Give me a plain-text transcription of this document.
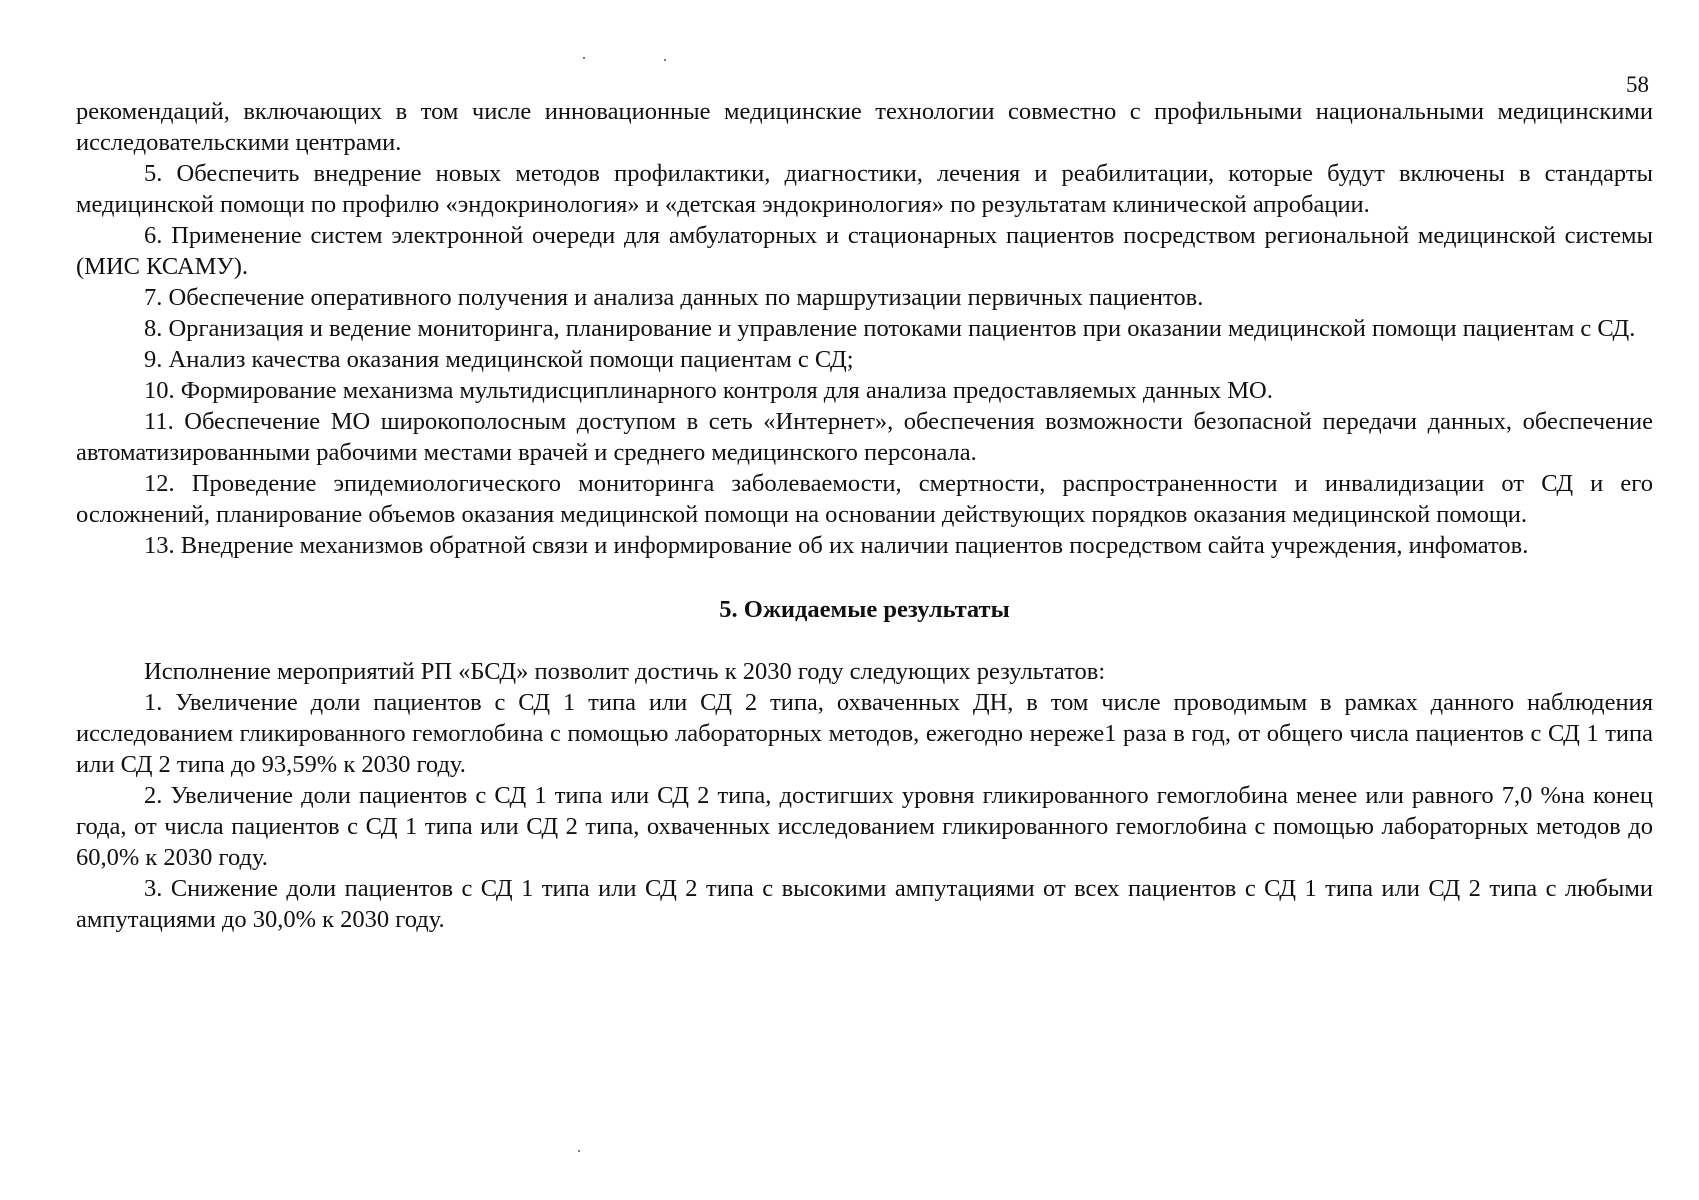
58

рекомендаций, включающих в том числе инновационные медицинские технологии совместно с профильными национальными медицинскими исследовательскими центрами.

5. Обеспечить внедрение новых методов профилактики, диагностики, лечения и реабилитации, которые будут включены в стандарты медицинской помощи по профилю «эндокринология» и «детская эндокринология» по результатам клинической апробации.

6. Применение систем электронной очереди для амбулаторных и стационарных пациентов посредством региональной медицинской системы (МИС КСАМУ).

7. Обеспечение оперативного получения и анализа данных по маршрутизации первичных пациентов.

8. Организация и ведение мониторинга, планирование и управление потоками пациентов при оказании медицинской помощи пациентам с СД.

9. Анализ качества оказания медицинской помощи пациентам с СД;

10. Формирование механизма мультидисциплинарного контроля для анализа предоставляемых данных МО.

11. Обеспечение МО широкополосным доступом в сеть «Интернет», обеспечения возможности безопасной передачи данных, обеспечение автоматизированными рабочими местами врачей и среднего медицинского персонала.

12. Проведение эпидемиологического мониторинга заболеваемости, смертности, распространенности и инвалидизации от СД и его осложнений, планирование объемов оказания медицинской помощи на основании действующих порядков оказания медицинской помощи.

13. Внедрение механизмов обратной связи и информирование об их наличии пациентов посредством сайта учреждения, инфоматов.

5. Ожидаемые результаты

Исполнение мероприятий РП «БСД» позволит достичь к 2030 году следующих результатов:

1. Увеличение доли пациентов с СД 1 типа или СД 2 типа, охваченных ДН, в том числе проводимым в рамках данного наблюдения исследованием гликированного гемоглобина с помощью лабораторных методов, ежегодно нереже1 раза в год, от общего числа пациентов с СД 1 типа или СД 2 типа до 93,59% к 2030 году.

2. Увеличение доли пациентов с СД 1 типа или СД 2 типа, достигших уровня гликированного гемоглобина менее или равного 7,0 %на конец года, от числа пациентов с СД 1 типа или СД 2 типа, охваченных исследованием гликированного гемоглобина с помощью лабораторных методов до 60,0% к 2030 году.

3. Снижение доли пациентов с СД 1 типа или СД 2 типа с высокими ампутациями от всех пациентов с СД 1 типа или СД 2 типа с любыми ампутациями до 30,0% к 2030 году.
